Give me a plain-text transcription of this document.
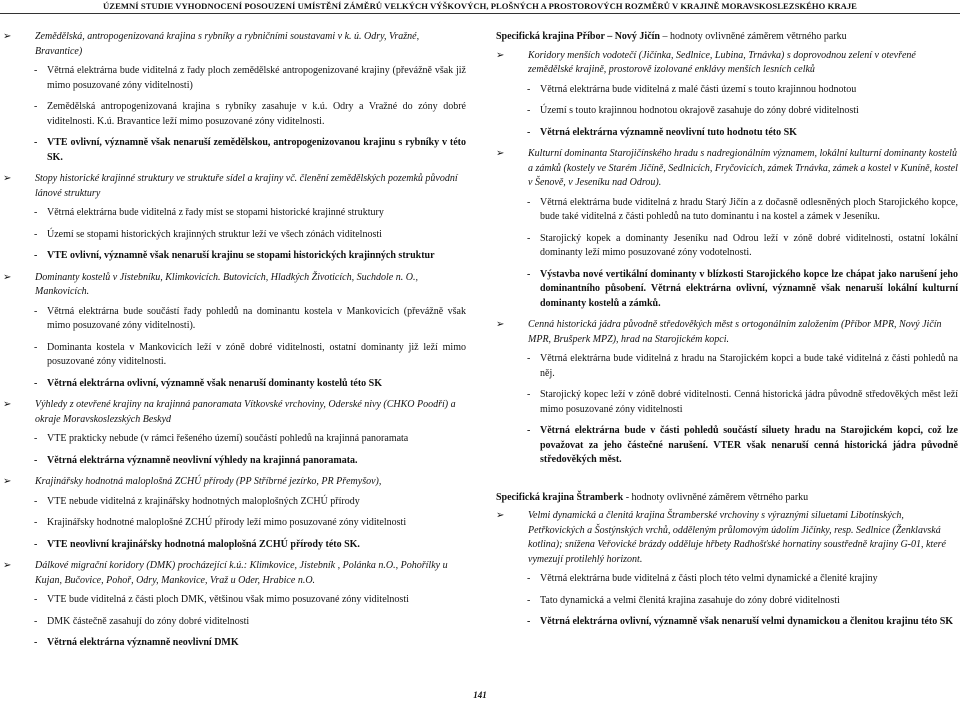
ÚZEMNÍ STUDIE VYHODNOCENÍ POSOUZENÍ UMÍSTĚNÍ ZÁMĚRŮ VELKÝCH VÝŠKOVÝCH, PLOŠNÝCH A PROSTOROVÝCH ROZMĚRŮ V KRAJINĚ MORAVSKOSLEZSKÉHO KRAJE
➢ Zemědělská, antropogenizovaná krajina s rybníky a rybničními soustavami v k. ú. Odry, Vražné, Bravantice)
- Větrná elektrárna bude viditelná z řady ploch zemědělské antropogenizované krajiny (převážně však již mimo posuzované zóny viditelnosti)
- Zemědělská antropogenizovaná krajina s rybníky zasahuje v k.ú. Odry a Vražné do zóny dobré viditelnosti. K.ú. Bravantice leží mimo posuzované zóny viditelnosti.
- VTE ovlivní, významně však nenaruší zemědělskou, antropogenizovanou krajinu s rybníky v této SK.
➢ Stopy historické krajinné struktury ve struktuře sídel a krajiny vč. členění zemědělských pozemků původní lánové struktury
- Větrná elektrárna bude viditelná z řady míst se stopami historické krajinné struktury
- Území se stopami historických krajinných struktur leží ve všech zónách viditelnosti
- VTE ovlivní, významně však nenaruší krajinu se stopami historických krajinných struktur
➢ Dominanty kostelů v Jistebníku, Klimkovicích. Butovicích, Hladkých Životicích, Suchdole n. O., Mankovicích.
- Větrná elektrárna bude součástí řady pohledů na dominantu kostela v Mankovicích (převážně však mimo posuzované zóny viditelnosti).
- Dominanta kostela v Mankovicích leží v zóně dobré viditelnosti, ostatní dominanty již leží mimo posuzované zóny viditelnosti.
- Větrná elektrárna ovlivní, významně však nenaruší dominanty kostelů této SK
➢ Výhledy z otevřené krajiny na krajinná panoramata Vítkovské vrchoviny, Oderské nivy (CHKO Poodří) a okraje Moravskoslezských Beskyd
- VTE prakticky nebude (v rámci řešeného území) součástí pohledů na krajinná panoramata
- Větrná elektrárna významně neovlivní výhledy na krajinná panoramata.
➢ Krajinářsky hodnotná maloplošná ZCHÚ přírody (PP Stříbrné jezírko, PR Přemyšov),
- VTE nebude viditelná z krajinářsky hodnotných maloplošných ZCHÚ přírody
- Krajinářsky hodnotné maloplošné ZCHÚ přírody leží mimo posuzované zóny viditelnosti
- VTE neovlivní krajinářsky hodnotná maloplošná ZCHÚ přírody této SK.
➢ Dálkové migrační koridory (DMK) procházející k.ú.: Klimkovice, Jistebník , Polánka n.O., Pohořílky u Kujan, Bučovice, Pohoř, Odry, Mankovice, Vraž u Oder, Hrabice n.O.
- VTE bude viditelná z části ploch DMK, většinou však mimo posuzované zóny viditelnosti
- DMK částečně zasahují do zóny dobré viditelnosti
- Větrná elektrárna významně neovlivní DMK
Specifická krajina Příbor – Nový Jičín – hodnoty ovlivněné záměrem větrného parku
➢ Koridory menších vodotečí (Jičínka, Sedlnice, Lubina, Trnávka) s doprovodnou zelení v otevřené zemědělské krajině, prostorově izolované enklávy menších lesních celků
- Větrná elektrárna bude viditelná z malé části území s touto krajinnou hodnotou
- Území s touto krajinnou hodnotou okrajově zasahuje do zóny dobré viditelnosti
- Větrná elektrárna významně neovlivní tuto hodnotu této SK
➢ Kulturní dominanta Starojičínského hradu s nadregionálním významem, lokální kulturní dominanty kostelů a zámků (kostely ve Starém Jičíně, Sedlnicích, Fryčovicích, zámek Trnávka, zámek a kostel v Kuníně, kostel v Šenově, v Jeseníku nad Odrou).
- Větrná elektrárna bude viditelná z hradu Starý Jičín a z dočasně odlesněných ploch Starojického kopce, bude také viditelná z části pohledů na tuto dominantu i na kostel a zámek v Jeseníku.
- Starojický kopek a dominanty Jeseníku nad Odrou leží v zóně dobré viditelnosti, ostatní lokální dominanty leží mimo posuzované zóny vodotelnosti.
- Výstavba nové vertikální dominanty v blízkosti Starojického kopce lze chápat jako narušení jeho dominantního působení. Větrná elektrárna ovlivní, významně však nenaruší lokální kulturní dominanty kostelů a zámků.
➢ Cenná historická jádra původně středověkých měst s ortogonálním založením (Příbor MPR, Nový Jičín MPR, Brušperk MPZ), hrad na Starojickém kopci.
- Větrná elektrárna bude viditelná z hradu na Starojickém kopci a bude také viditelná z části pohledů na něj.
- Starojický kopec leží v zóně dobré viditelnosti. Cenná historická jádra původně středověkých měst leží mimo posuzované zóny viditelnosti
- Větrná elektrárna bude v části pohledů součástí siluety hradu na Starojickém kopci, což lze považovat za jeho částečné narušení. VTER však nenaruší cenná historická jádra původně středověkých měst.
Specifická krajina Štramberk - hodnoty ovlivněné záměrem větrného parku
➢ Velmi dynamická a členitá krajina Štramberské vrchoviny s výraznými siluetami Libotínských, Petřkovických a Šostýnských vrchů, odděleným průlomovým údolím Jičínky, resp. Sedlnice (Ženklavská kotlina); snížena Veřovické brázdy odděluje hřbety Radhošťské hornatiny soustředně krajiny G-01, které vymezují protilehlý horizont.
- Větrná elektrárna bude viditelná z části ploch této velmi dynamické a členité krajiny
- Tato dynamická a velmi členitá krajina zasahuje do zóny dobré viditelnosti
- Větrná elektrárna ovlivní, významně však nenaruší velmi dynamickou a členitou krajinu této SK
141
